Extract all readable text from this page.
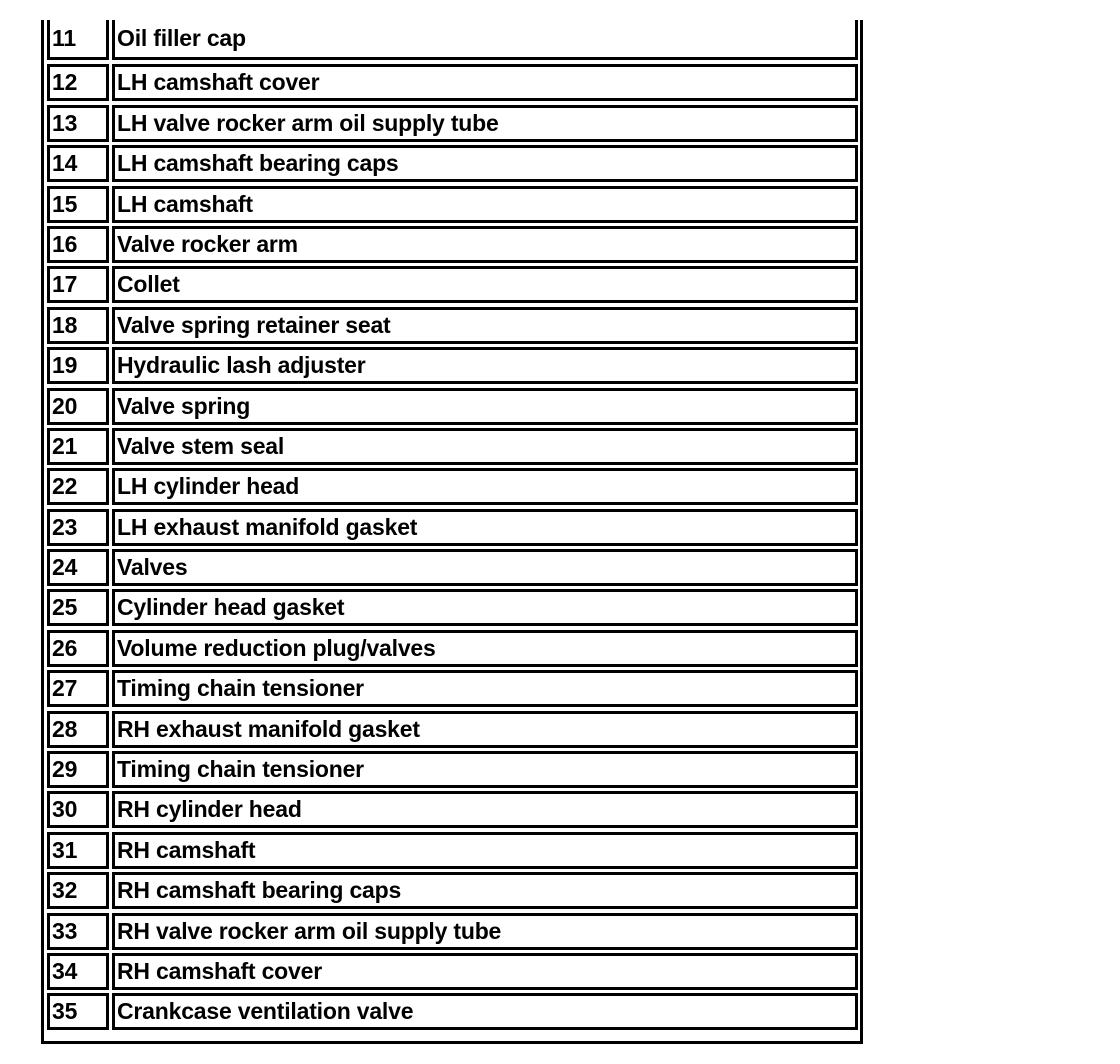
11 Oil filler cap
12 LH camshaft cover
13 LH valve rocker arm oil supply tube
14 LH camshaft bearing caps
15 LH camshaft
16 Valve rocker arm
17 Collet
18 Valve spring retainer seat
19 Hydraulic lash adjuster
20 Valve spring
21 Valve stem seal
22 LH cylinder head
23 LH exhaust manifold gasket
24 Valves
25 Cylinder head gasket
26 Volume reduction plug/valves
27 Timing chain tensioner
28 RH exhaust manifold gasket
29 Timing chain tensioner
30 RH cylinder head
31 RH camshaft
32 RH camshaft bearing caps
33 RH valve rocker arm oil supply tube
34 RH camshaft cover
35 Crankcase ventilation valve
